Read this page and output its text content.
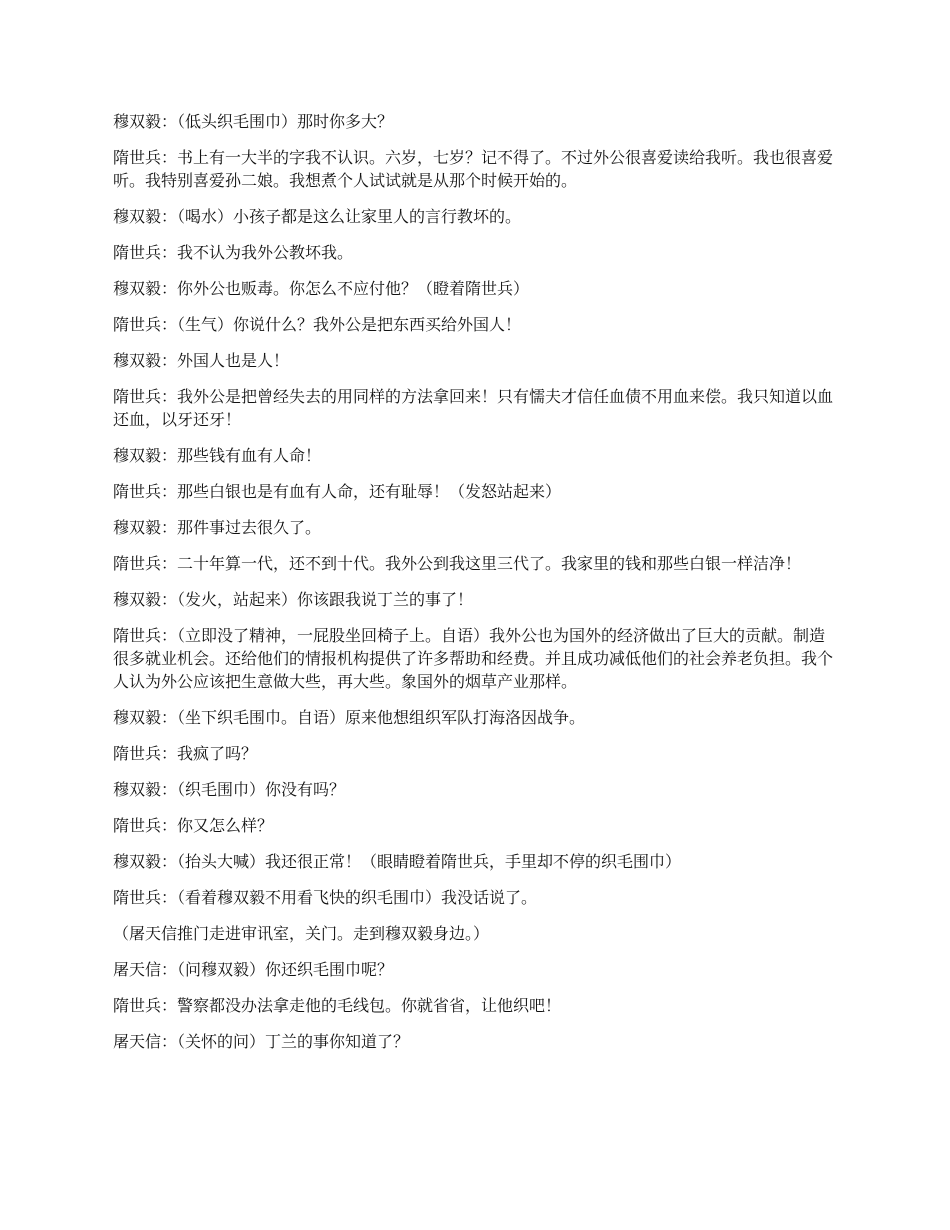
穆双毅：（低头织毛围巾）那时你多大？

隋世兵：书上有一大半的字我不认识。六岁，七岁？记不得了。不过外公很喜爱读给我听。我也很喜爱听。我特别喜爱孙二娘。我想煮个人试试就是从那个时候开始的。

穆双毅：（喝水）小孩子都是这么让家里人的言行教坏的。

隋世兵：我不认为我外公教坏我。

穆双毅：你外公也贩毒。你怎么不应付他？（瞪着隋世兵）

隋世兵：（生气）你说什么？我外公是把东西买给外国人！

穆双毅：外国人也是人！

隋世兵：我外公是把曾经失去的用同样的方法拿回来！只有懦夫才信任血债不用血来偿。我只知道以血还血，以牙还牙！

穆双毅：那些钱有血有人命！

隋世兵：那些白银也是有血有人命，还有耻辱！（发怒站起来）

穆双毅：那件事过去很久了。

隋世兵：二十年算一代，还不到十代。我外公到我这里三代了。我家里的钱和那些白银一样洁净！

穆双毅：（发火，站起来）你该跟我说丁兰的事了！

隋世兵：（立即没了精神，一屁股坐回椅子上。自语）我外公也为国外的经济做出了巨大的贡献。制造很多就业机会。还给他们的情报机构提供了许多帮助和经费。并且成功减低他们的社会养老负担。我个人认为外公应该把生意做大些，再大些。象国外的烟草产业那样。

穆双毅：（坐下织毛围巾。自语）原来他想组织军队打海洛因战争。

隋世兵：我疯了吗？

穆双毅：（织毛围巾）你没有吗？

隋世兵：你又怎么样？

穆双毅：（抬头大喊）我还很正常！（眼睛瞪着隋世兵，手里却不停的织毛围巾）

隋世兵：（看着穆双毅不用看飞快的织毛围巾）我没话说了。

（屠天信推门走进审讯室，关门。走到穆双毅身边。）

屠天信：（问穆双毅）你还织毛围巾呢？

隋世兵：警察都没办法拿走他的毛线包。你就省省，让他织吧！

屠天信：（关怀的问）丁兰的事你知道了？
